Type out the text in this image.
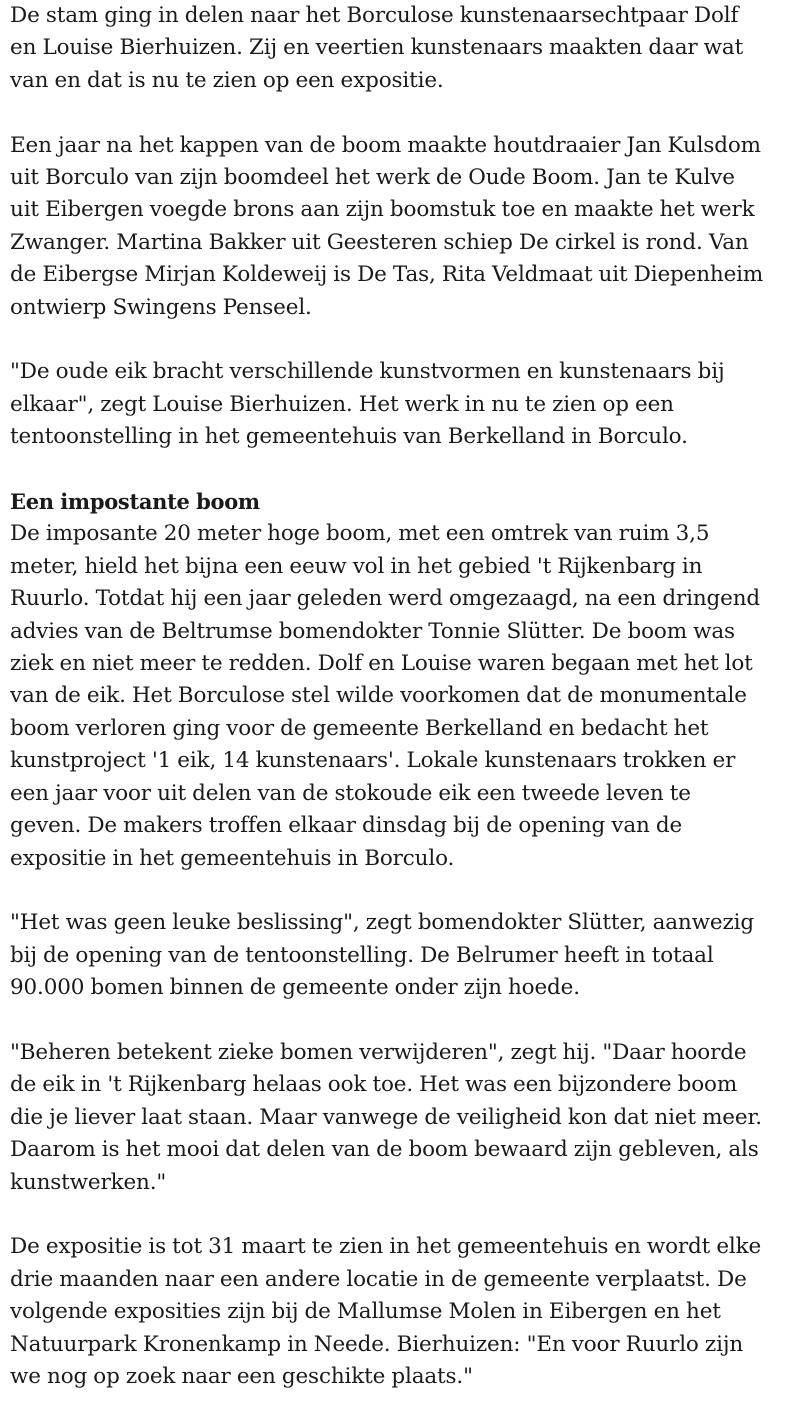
De stam ging in delen naar het Borculose kunstenaarsechtpaar Dolf
en Louise Bierhuizen. Zij en veertien kunstenaars maakten daar wat
van en dat is nu te zien op een expositie.

Een jaar na het kappen van de boom maakte houtdraaier Jan Kulsdom
uit Borculo van zijn boomdeel het werk de Oude Boom. Jan te Kulve
uit Eibergen voegde brons aan zijn boomstuk toe en maakte het werk
Zwanger. Martina Bakker uit Geesteren schiep De cirkel is rond. Van
de Eibergse Mirjan Koldeweij is De Tas, Rita Veldmaat uit Diepenheim
ontwierp Swingens Penseel.

"De oude eik bracht verschillende kunstvormen en kunstenaars bij
elkaar", zegt Louise Bierhuizen. Het werk in nu te zien op een
tentoonstelling in het gemeentehuis van Berkelland in Borculo.

Een impostante boom

De imposante 20 meter hoge boom, met een omtrek van ruim 3,5
meter, hield het bijna een eeuw vol in het gebied 't Rijkenbarg in
Ruurlo. Totdat hij een jaar geleden werd omgezaagd, na een dringend
advies van de Beltrumse bomendokter Tonnie Slütter. De boom was
ziek en niet meer te redden. Dolf en Louise waren begaan met het lot
van de eik. Het Borculose stel wilde voorkomen dat de monumentale
boom verloren ging voor de gemeente Berkelland en bedacht het
kunstproject '1 eik, 14 kunstenaars'. Lokale kunstenaars trokken er
een jaar voor uit delen van de stokoude eik een tweede leven te
geven. De makers troffen elkaar dinsdag bij de opening van de
expositie in het gemeentehuis in Borculo.

"Het was geen leuke beslissing", zegt bomendokter Slütter, aanwezig
bij de opening van de tentoonstelling. De Belrumer heeft in totaal
90.000 bomen binnen de gemeente onder zijn hoede.

"Beheren betekent zieke bomen verwijderen", zegt hij. "Daar hoorde
de eik in 't Rijkenbarg helaas ook toe. Het was een bijzondere boom
die je liever laat staan. Maar vanwege de veiligheid kon dat niet meer.
Daarom is het mooi dat delen van de boom bewaard zijn gebleven, als
kunstwerken."

De expositie is tot 31 maart te zien in het gemeentehuis en wordt elke
drie maanden naar een andere locatie in de gemeente verplaatst. De
volgende exposities zijn bij de Mallumse Molen in Eibergen en het
Natuurpark Kronenkamp in Neede. Bierhuizen: "En voor Ruurlo zijn
we nog op zoek naar een geschikte plaats."
